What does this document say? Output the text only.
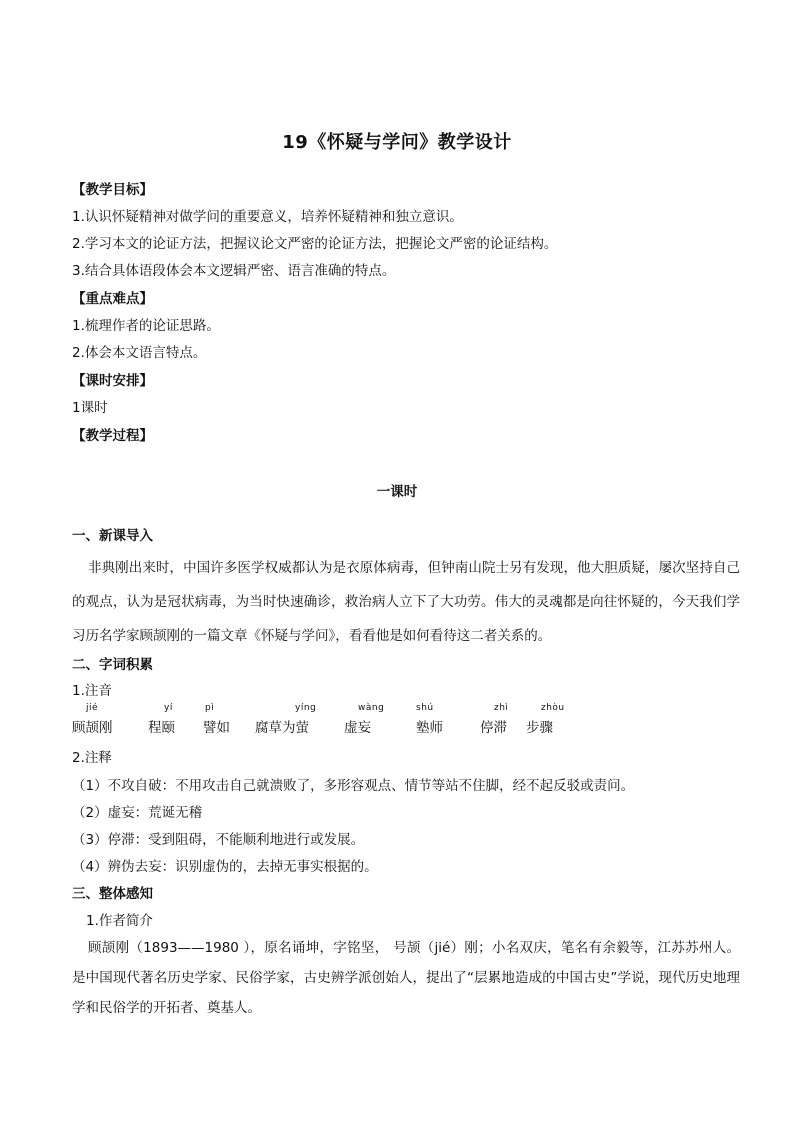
19《怀疑与学问》教学设计
【教学目标】
1.认识怀疑精神对做学问的重要意义，培养怀疑精神和独立意识。
2.学习本文的论证方法，把握议论文严密的论证方法，把握论文严密的论证结构。
3.结合具体语段体会本文逻辑严密、语言准确的特点。
【重点难点】
1.梳理作者的论证思路。
2.体会本文语言特点。
【课时安排】
1课时
【教学过程】
一课时
一、新课导入
非典刚出来时，中国许多医学权威都认为是衣原体病毒，但钟南山院士另有发现，他大胆质疑，屡次坚持自己的观点，认为是冠状病毒，为当时快速确诊，救治病人立下了大功劳。伟大的灵魂都是向往怀疑的，今天我们学习历名学家顾颉刚的一篇文章《怀疑与学问》，看看他是如何看待这二者关系的。
二、字词积累
1.注音
jié
顾颉刚
yí
程颐
pì
譬如
yíng
腐草为萤
wàng
虚妄
shú
塾师
zhì
停滞
zhòu
步骤
2.注释
（1）不攻自破：不用攻击自己就溃败了，多形容观点、情节等站不住脚，经不起反驳或责问。
（2）虚妄：荒诞无稽
（3）停滞：受到阻碍，不能顺利地进行或发展。
（4）辨伪去妄：识别虚伪的，去掉无事实根据的。
三、整体感知
1.作者简介
顾颉刚（1893——1980 ），原名诵坤，字铭坚， 号颉（jié）刚；小名双庆，笔名有余毅等，江苏苏州人。是中国现代著名历史学家、民俗学家，古史辨学派创始人，提出了“层累地造成的中国古史”学说，现代历史地理学和民俗学的开拓者、奠基人。
